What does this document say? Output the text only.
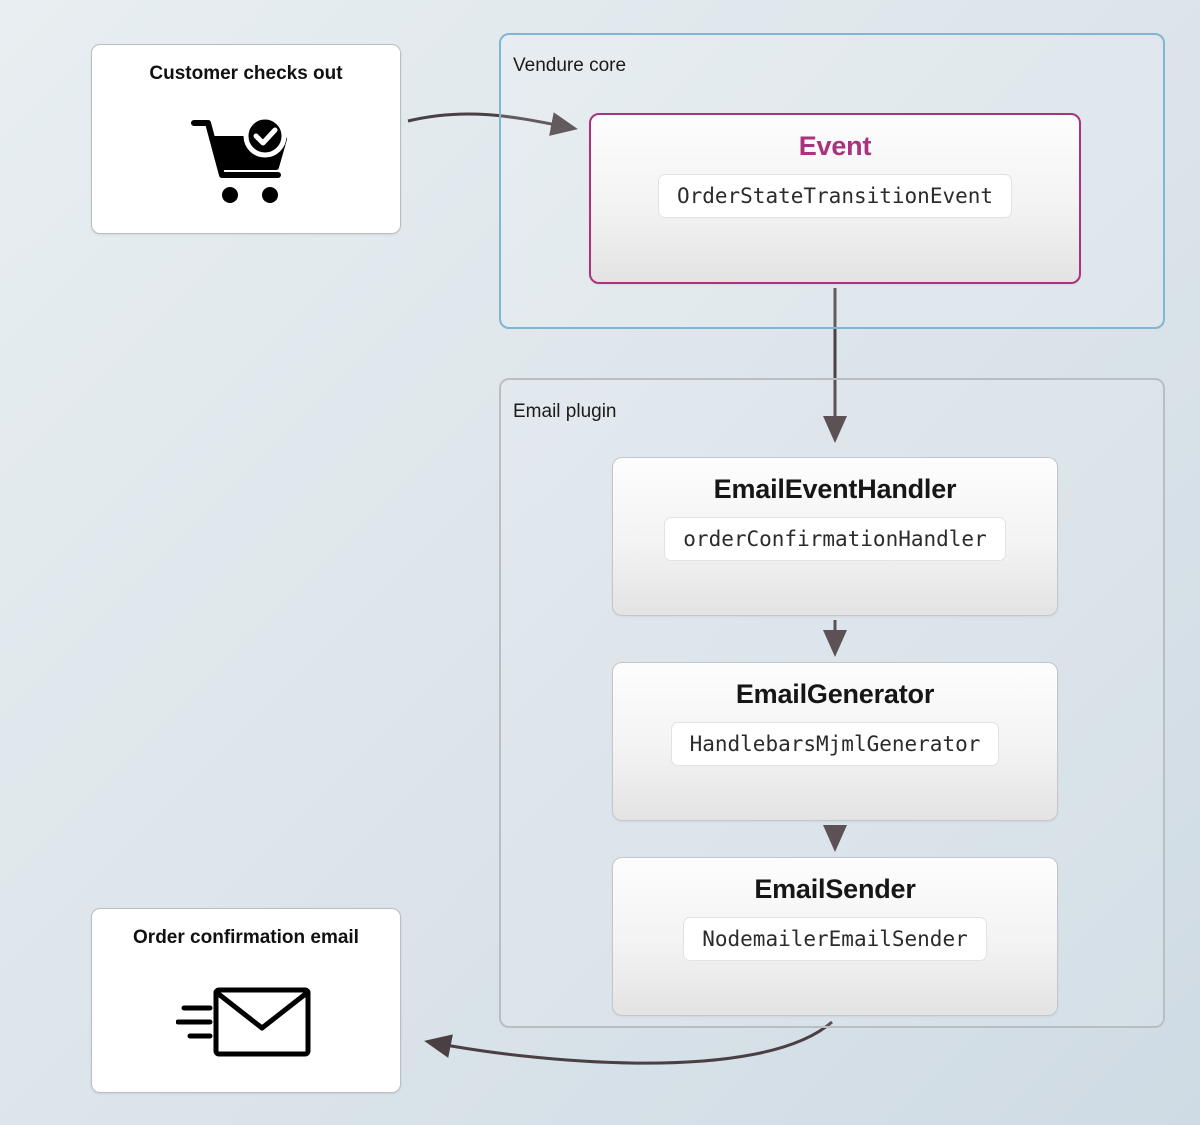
Vendure core
Email plugin
Customer checks out
Order confirmation email
Event
OrderStateTransitionEvent
EmailEventHandler
orderConfirmationHandler
EmailGenerator
HandlebarsMjmlGenerator
EmailSender
NodemailerEmailSender
